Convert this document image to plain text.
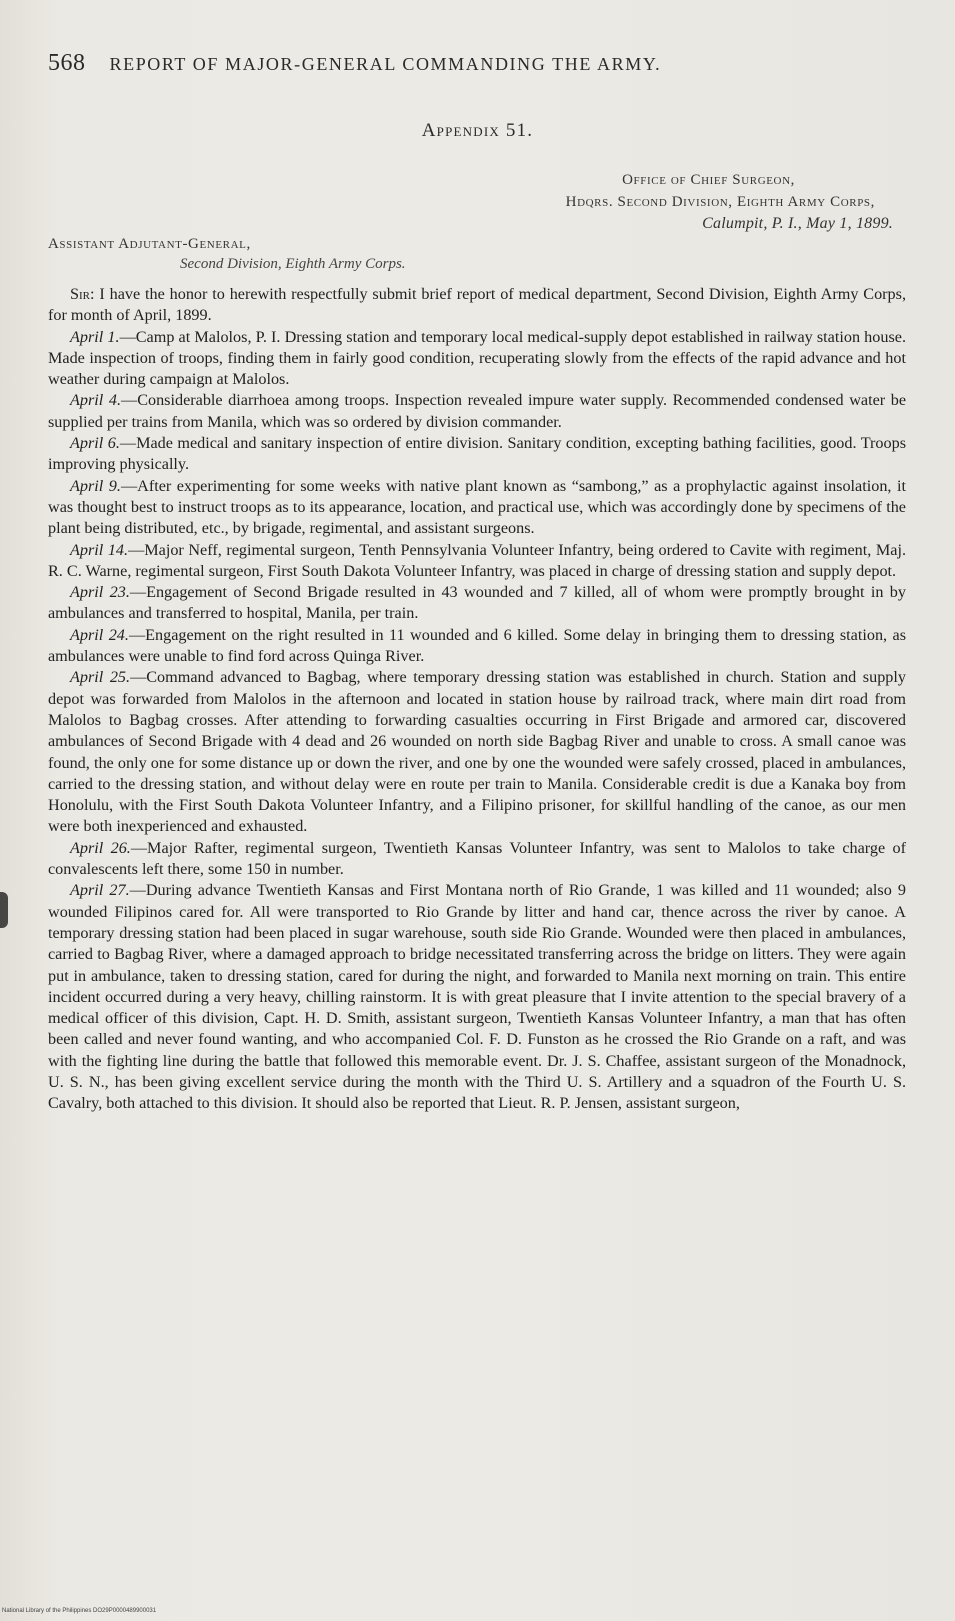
568 REPORT OF MAJOR-GENERAL COMMANDING THE ARMY.
Appendix 51.
Office of Chief Surgeon,
Hdqrs. Second Division, Eighth Army Corps,
Calumpit, P. I., May 1, 1899.
Assistant Adjutant-General,
Second Division, Eighth Army Corps.

Sir: I have the honor to herewith respectfully submit brief report of medical department, Second Division, Eighth Army Corps, for month of April, 1899.

April 1.—Camp at Malolos, P. I. Dressing station and temporary local medical-supply depot established in railway station house. Made inspection of troops, finding them in fairly good condition, recuperating slowly from the effects of the rapid advance and hot weather during campaign at Malolos.

April 4.—Considerable diarrhoea among troops. Inspection revealed impure water supply. Recommended condensed water be supplied per trains from Manila, which was so ordered by division commander.

April 6.—Made medical and sanitary inspection of entire division. Sanitary condition, excepting bathing facilities, good. Troops improving physically.

April 9.—After experimenting for some weeks with native plant known as “sambong,” as a prophylactic against insolation, it was thought best to instruct troops as to its appearance, location, and practical use, which was accordingly done by specimens of the plant being distributed, etc., by brigade, regimental, and assistant surgeons.

April 14.—Major Neff, regimental surgeon, Tenth Pennsylvania Volunteer Infantry, being ordered to Cavite with regiment, Maj. R. C. Warne, regimental surgeon, First South Dakota Volunteer Infantry, was placed in charge of dressing station and supply depot.

April 23.—Engagement of Second Brigade resulted in 43 wounded and 7 killed, all of whom were promptly brought in by ambulances and transferred to hospital, Manila, per train.

April 24.—Engagement on the right resulted in 11 wounded and 6 killed. Some delay in bringing them to dressing station, as ambulances were unable to find ford across Quinga River.

April 25.—Command advanced to Bagbag, where temporary dressing station was established in church. Station and supply depot was forwarded from Malolos in the afternoon and located in station house by railroad track, where main dirt road from Malolos to Bagbag crosses. After attending to forwarding casualties occurring in First Brigade and armored car, discovered ambulances of Second Brigade with 4 dead and 26 wounded on north side Bagbag River and unable to cross. A small canoe was found, the only one for some distance up or down the river, and one by one the wounded were safely crossed, placed in ambulances, carried to the dressing station, and without delay were en route per train to Manila. Considerable credit is due a Kanaka boy from Honolulu, with the First South Dakota Volunteer Infantry, and a Filipino prisoner, for skillful handling of the canoe, as our men were both inexperienced and exhausted.

April 26.—Major Rafter, regimental surgeon, Twentieth Kansas Volunteer Infantry, was sent to Malolos to take charge of convalescents left there, some 150 in number.

April 27.—During advance Twentieth Kansas and First Montana north of Rio Grande, 1 was killed and 11 wounded; also 9 wounded Filipinos cared for. All were transported to Rio Grande by litter and hand car, thence across the river by canoe. A temporary dressing station had been placed in sugar warehouse, south side Rio Grande. Wounded were then placed in ambulances, carried to Bagbag River, where a damaged approach to bridge necessitated transferring across the bridge on litters. They were again put in ambulance, taken to dressing station, cared for during the night, and forwarded to Manila next morning on train. This entire incident occurred during a very heavy, chilling rainstorm. It is with great pleasure that I invite attention to the special bravery of a medical officer of this division, Capt. H. D. Smith, assistant surgeon, Twentieth Kansas Volunteer Infantry, a man that has often been called and never found wanting, and who accompanied Col. F. D. Funston as he crossed the Rio Grande on a raft, and was with the fighting line during the battle that followed this memorable event. Dr. J. S. Chaffee, assistant surgeon of the Monadnock, U. S. N., has been giving excellent service during the month with the Third U. S. Artillery and a squadron of the Fourth U. S. Cavalry, both attached to this division. It should also be reported that Lieut. R. P. Jensen, assistant surgeon,

National Library of the Philippines DO29P0000489900031
